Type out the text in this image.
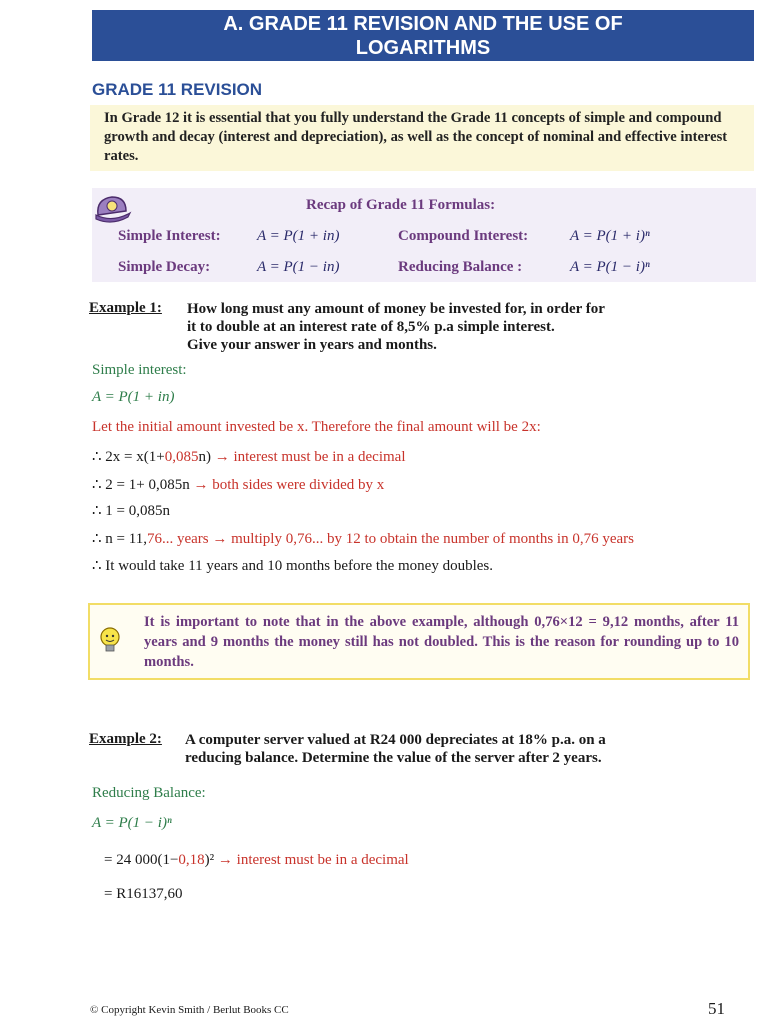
A. GRADE 11 REVISION AND THE USE OF
LOGARITHMS
GRADE 11 REVISION
In Grade 12 it is essential that you fully understand the Grade 11 concepts of simple and compound growth and decay (interest and depreciation), as well as the concept of nominal and effective interest rates.
Recap of Grade 11 Formulas:
Simple Interest: A = P(1 + in)	Compound Interest:	A = P(1 + i)ⁿ
Simple Decay:	A = P(1 − in)	Reducing Balance :	A = P(1 − i)ⁿ
Example 1: How long must any amount of money be invested for, in order for
it to double at an interest rate of 8,5% p.a simple interest.
Give your answer in years and months.
Simple interest:
A = P(1 + in)
Let the initial amount invested be x. Therefore the final amount will be 2x:
∴ 2x = x(1+0,085n) → interest must be in a decimal
∴ 2 = 1+ 0,085n → both sides were divided by x
∴ 1 = 0,085n
∴ n = 11,76... years → multiply 0,76... by 12 to obtain the number of months in 0,76 years
∴ It would take 11 years and 10 months before the money doubles.
It is important to note that in the above example, although 0,76×12 = 9,12 months, after 11 years and 9 months the money still has not doubled. This is the reason for rounding up to 10 months.
Example 2: A computer server valued at R24 000 depreciates at 18% p.a. on a
reducing balance. Determine the value of the server after 2 years.
Reducing Balance:
A = P(1 − i)ⁿ
= 24 000(1−0,18)² → interest must be in a decimal
= R16137,60
© Copyright Kevin Smith / Berlut Books CC	51
